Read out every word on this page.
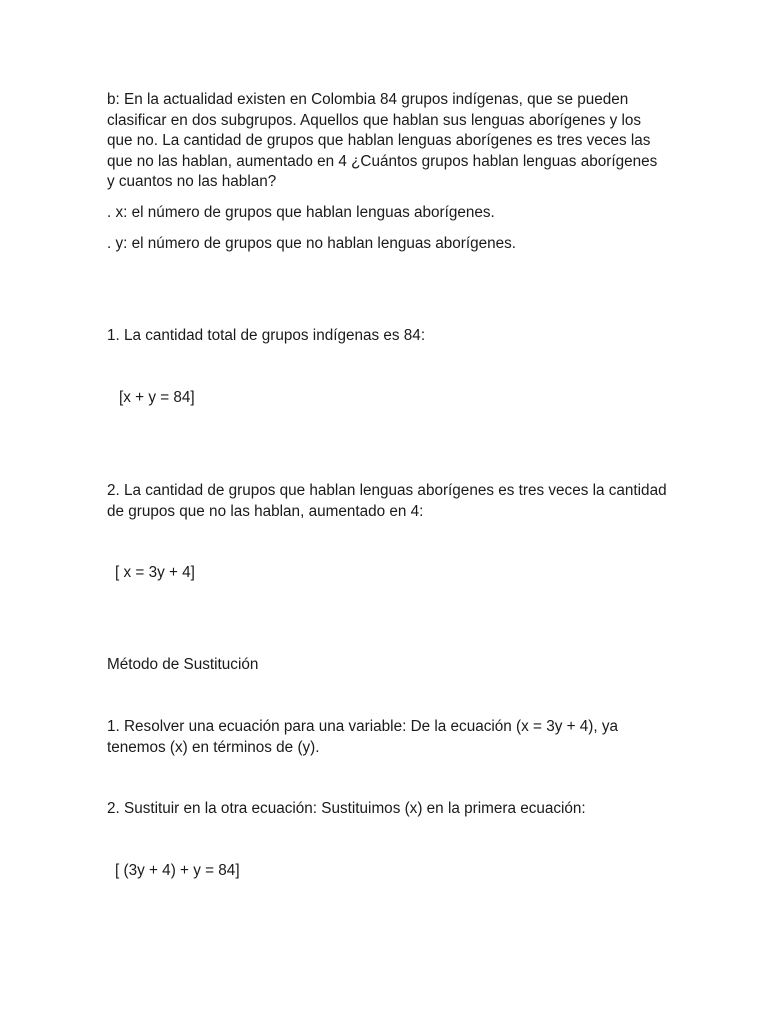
b: En la actualidad existen en Colombia 84 grupos indígenas, que se pueden clasificar en dos subgrupos. Aquellos que hablan sus lenguas aborígenes y los que no. La cantidad de grupos que hablan lenguas aborígenes es tres veces las que no las hablan, aumentado en 4 ¿Cuántos grupos hablan lenguas aborígenes y cuantos no las hablan?

. x: el número de grupos que hablan lenguas aborígenes.

. y: el número de grupos que no hablan lenguas aborígenes.

1. La cantidad total de grupos indígenas es 84:

[x + y = 84]

2. La cantidad de grupos que hablan lenguas aborígenes es tres veces la cantidad de grupos que no las hablan, aumentado en 4:

[ x = 3y + 4]

Método de Sustitución

1. Resolver una ecuación para una variable: De la ecuación (x = 3y + 4), ya tenemos (x) en términos de (y).

2. Sustituir en la otra ecuación: Sustituimos (x) en la primera ecuación:

[ (3y + 4) + y = 84]
